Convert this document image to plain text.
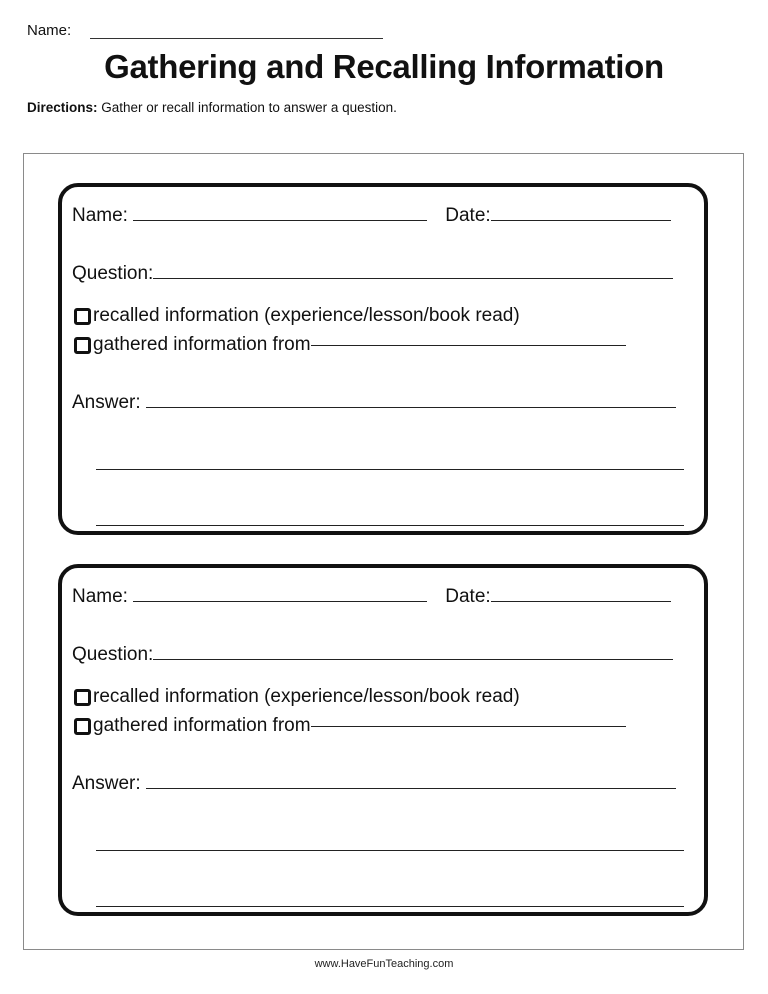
Name:
Gathering and Recalling Information
Directions: Gather or recall information to answer a question.
Name:	Date:
Question:
recalled information (experience/lesson/book read)
gathered information from
Answer:
Name:	Date:
Question:
recalled information (experience/lesson/book read)
gathered information from
Answer:
www.HaveFunTeaching.com
